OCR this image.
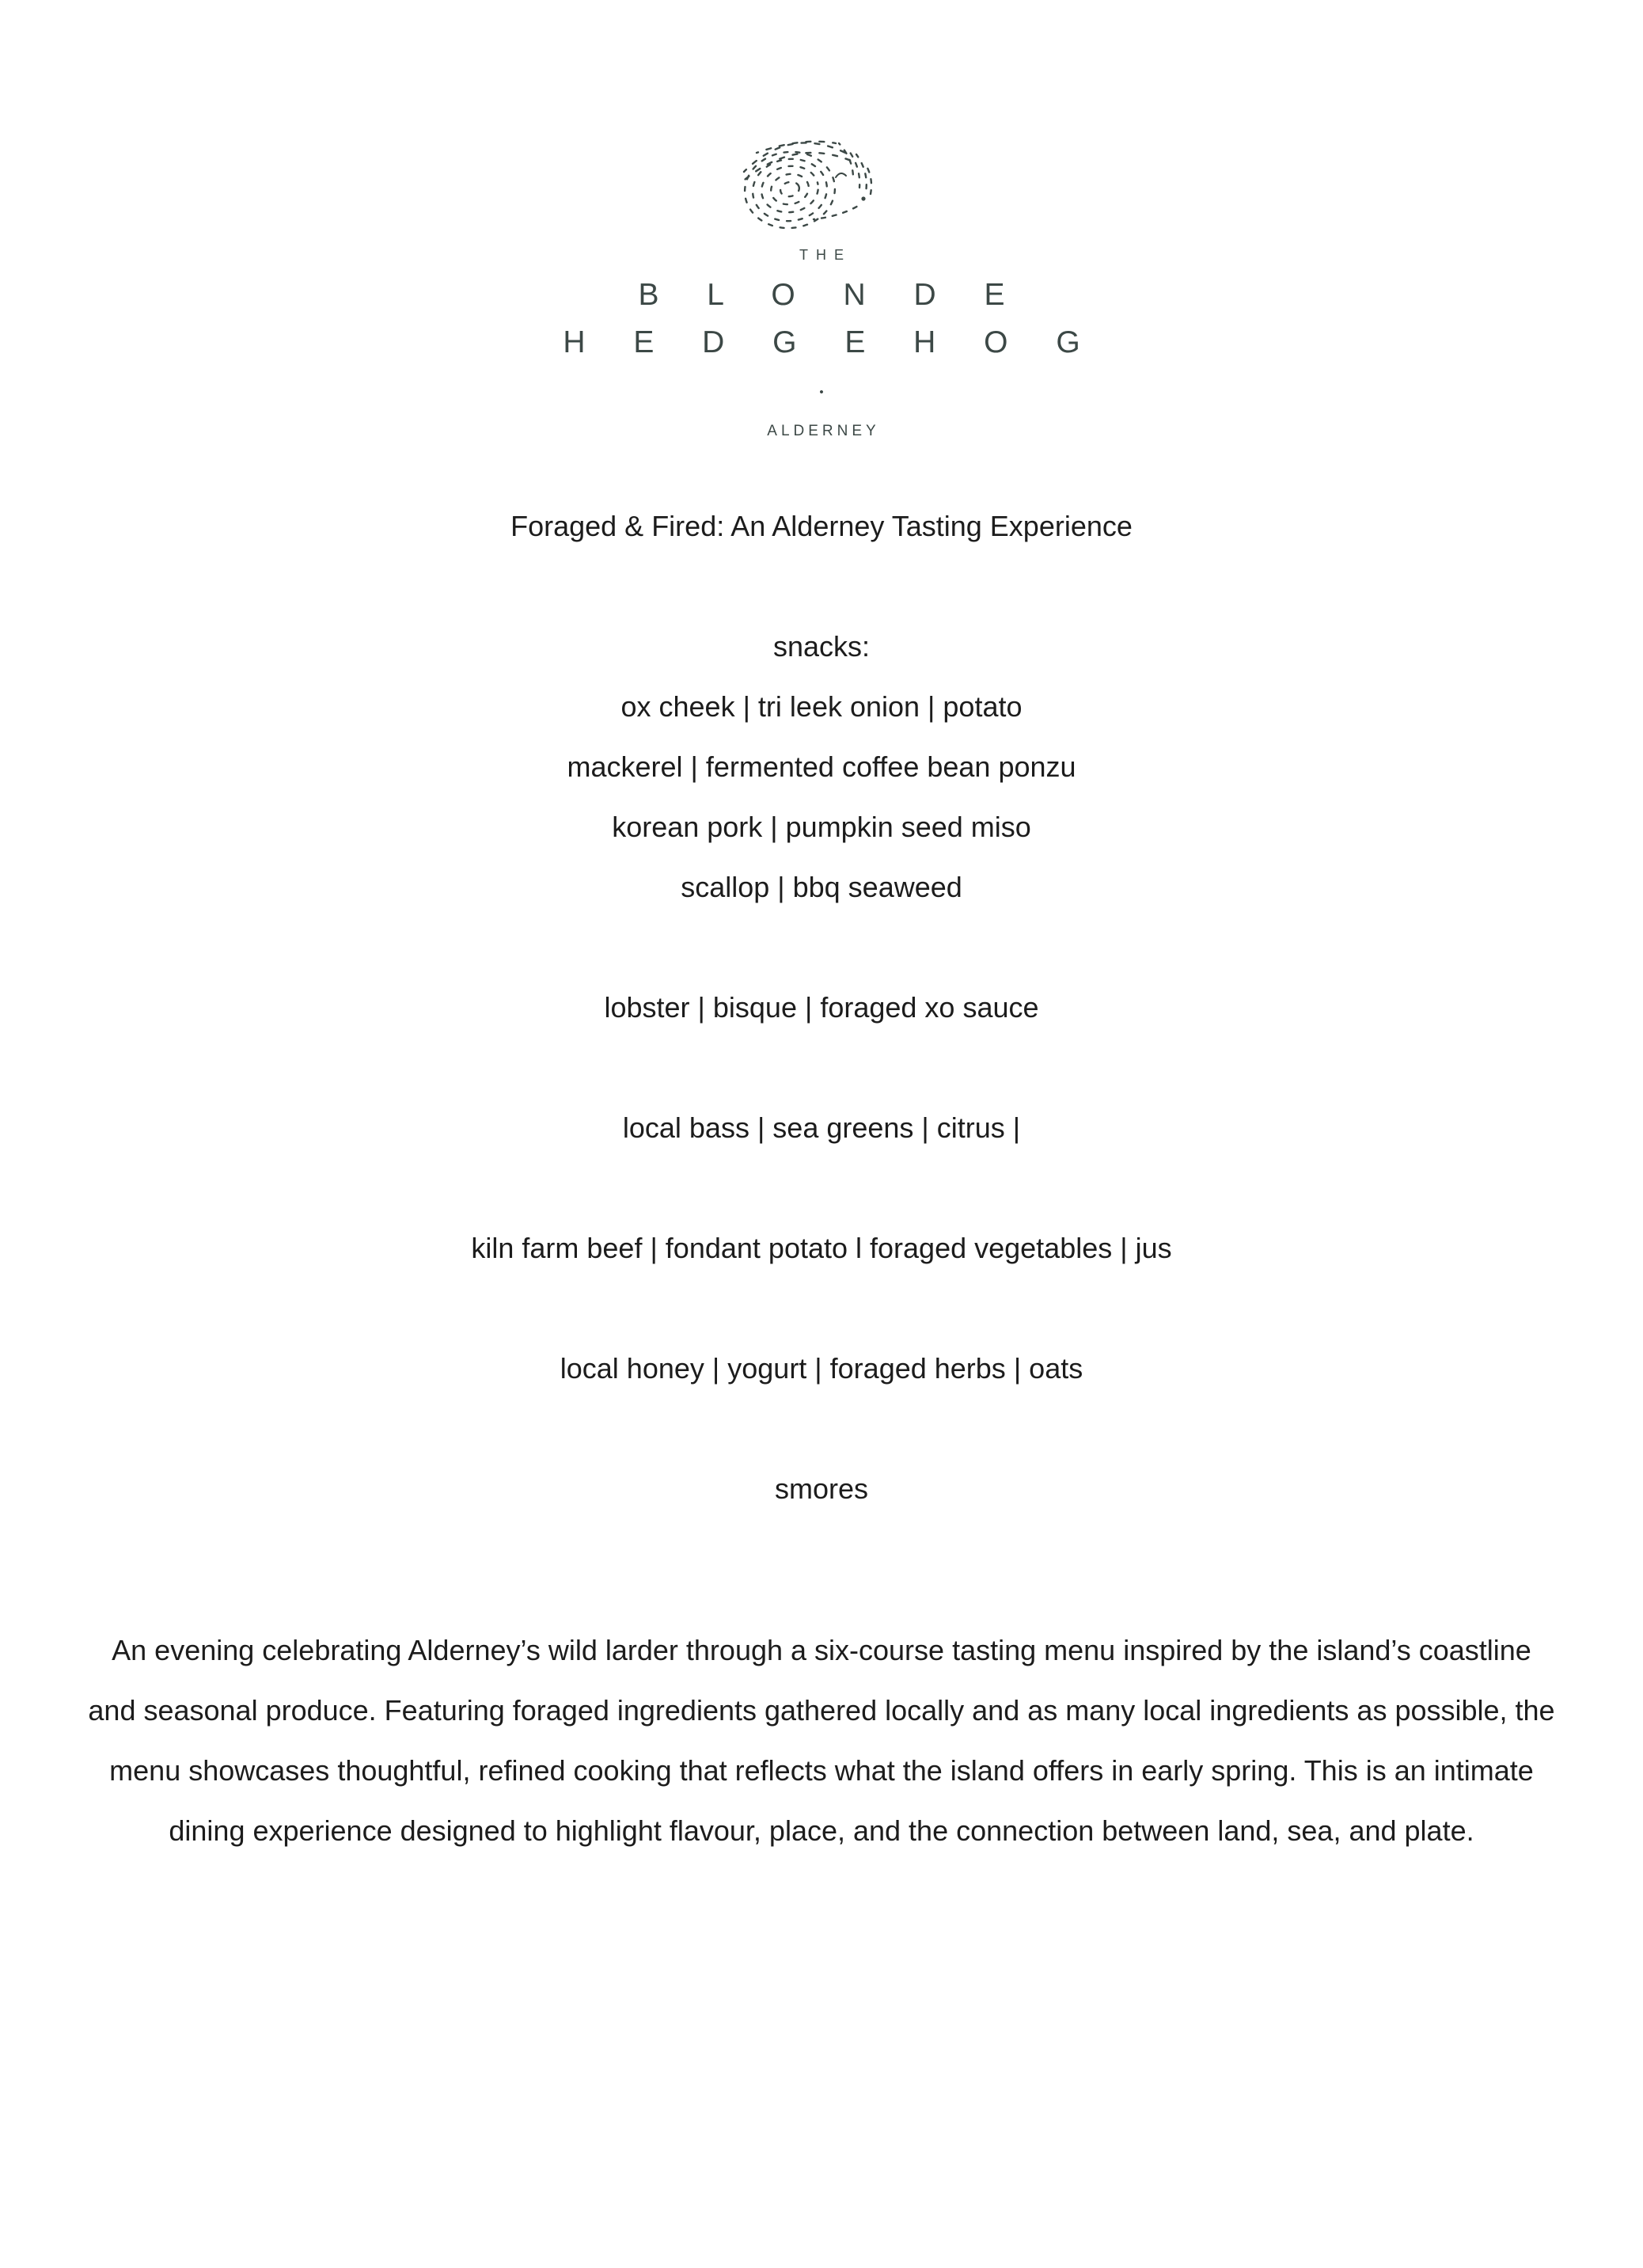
THE
B L O N D E
H E D G E H O G
•
ALDERNEY
Foraged & Fired: An Alderney Tasting Experience
snacks:
ox cheek | tri leek onion | potato
mackerel | fermented coffee bean ponzu
korean pork | pumpkin seed miso
scallop | bbq seaweed
lobster | bisque | foraged xo sauce
local bass | sea greens | citrus |
kiln farm beef | fondant potato l foraged vegetables | jus
local honey | yogurt | foraged herbs | oats
smores

An evening celebrating Alderney’s wild larder through a six-course tasting menu inspired by the island’s coastline and seasonal produce. Featuring foraged ingredients gathered locally and as many local ingredients as possible, the menu showcases thoughtful, refined cooking that reflects what the island offers in early spring. This is an intimate dining experience designed to highlight flavour, place, and the connection between land, sea, and plate.
